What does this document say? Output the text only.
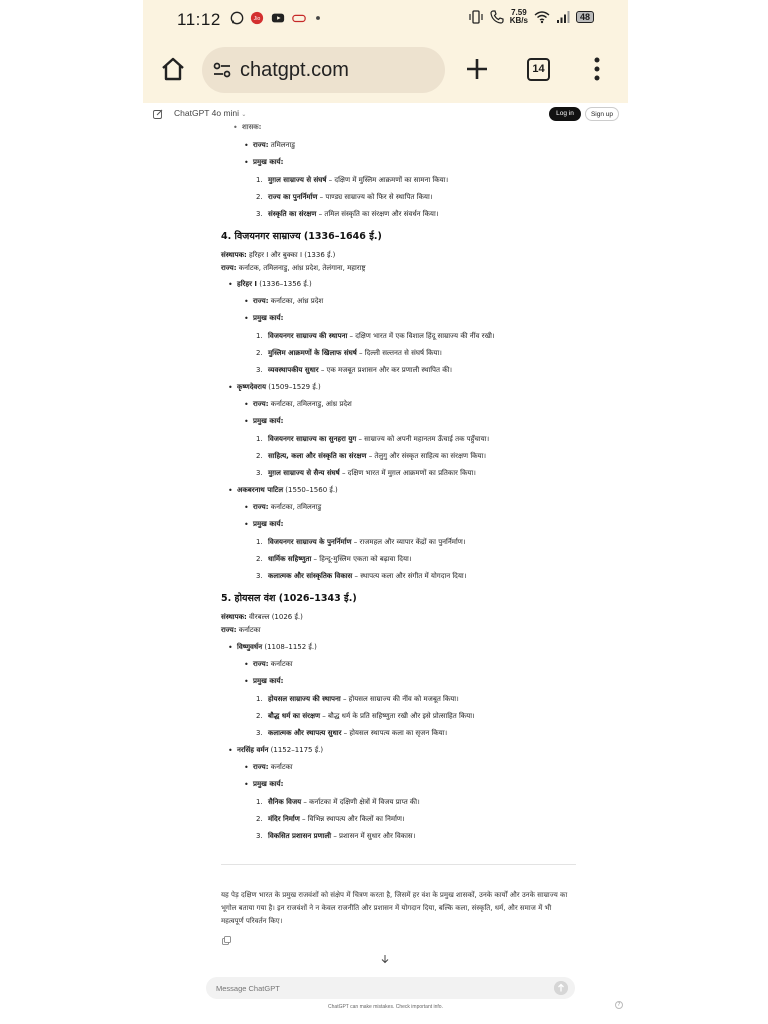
11:12	Jio
7.59
KB/s	48
chatgpt.com	14
ChatGPT 4o mini ⌄	Log in	Sign up
• शासक:
• राज्य: तमिलनाडु
• प्रमुख कार्य:
1. मुग़ल साम्राज्य से संघर्ष – दक्षिण में मुस्लिम आक्रमणों का सामना किया।
2. राज्य का पुनर्निर्माण – पाण्ड्य साम्राज्य को फिर से स्थापित किया।
3. संस्कृति का संरक्षण – तमिल संस्कृति का संरक्षण और संवर्धन किया।
4. विजयनगर साम्राज्य (1336–1646 ई.)
संस्थापक: हरिहर I और बुक्का I (1336 ई.)
राज्य: कर्नाटक, तमिलनाडु, आंध्र प्रदेश, तेलंगाना, महाराष्ट्र
• हरिहर I (1336–1356 ई.)
• राज्य: कर्नाटका, आंध्र प्रदेश
• प्रमुख कार्य:
1. विजयनगर साम्राज्य की स्थापना – दक्षिण भारत में एक विशाल हिंदू साम्राज्य की नींव रखी।
2. मुस्लिम आक्रमणों के खिलाफ संघर्ष – दिल्ली सल्तनत से संघर्ष किया।
3. व्यवस्थापकीय सुधार – एक मजबूत प्रशासन और कर प्रणाली स्थापित की।
• कृष्णदेवराय (1509–1529 ई.)
• राज्य: कर्नाटका, तमिलनाडु, आंध्र प्रदेश
• प्रमुख कार्य:
1. विजयनगर साम्राज्य का सुनहरा युग – साम्राज्य को अपनी महानतम ऊँचाई तक पहुँचाया।
2. साहित्य, कला और संस्कृति का संरक्षण – तेलुगु और संस्कृत साहित्य का संरक्षण किया।
3. मुग़ल साम्राज्य से सैन्य संघर्ष – दक्षिण भारत में मुग़ल आक्रमणों का प्रतिकार किया।
• अकबरनाथ पाटिल (1550–1560 ई.)
• राज्य: कर्नाटका, तमिलनाडु
• प्रमुख कार्य:
1. विजयनगर साम्राज्य के पुनर्निर्माण – राजमहल और व्यापार केंद्रों का पुनर्निर्माण।
2. धार्मिक सहिष्णुता – हिन्दू-मुस्लिम एकता को बढ़ावा दिया।
3. कलात्मक और सांस्कृतिक विकास – स्थापत्य कला और संगीत में योगदान दिया।
5. होयसल वंश (1026–1343 ई.)
संस्थापक: वीरबल्ल (1026 ई.)
राज्य: कर्नाटका
• विष्णुवर्धन (1108–1152 ई.)
• राज्य: कर्नाटका
• प्रमुख कार्य:
1. होयसल साम्राज्य की स्थापना – होयसल साम्राज्य की नींव को मजबूत किया।
2. बौद्ध धर्म का संरक्षण – बौद्ध धर्म के प्रति सहिष्णुता रखी और इसे प्रोत्साहित किया।
3. कलात्मक और स्थापत्य सुधार – होयसल स्थापत्य कला का सृजन किया।
• नरसिंह वर्मन (1152–1175 ई.)
• राज्य: कर्नाटका
• प्रमुख कार्य:
1. सैनिक विजय – कर्नाटका में दक्षिणी क्षेत्रों में विजय प्राप्त की।
2. मंदिर निर्माण – विभिन्न स्थापत्य और किलों का निर्माण।
3. विकसित प्रशासन प्रणाली – प्रशासन में सुधार और विकास।
यह पेड़ दक्षिण भारत के प्रमुख राजवंशों को संक्षेप में चित्रण करता है, जिसमें हर वंश के प्रमुख शासकों, उनके कार्यों और उनके साम्राज्य का भूगोल बताया गया है। इन राजवंशों ने न केवल राजनीति और प्रशासन में योगदान दिया, बल्कि कला, संस्कृति, धर्म, और समाज में भी महत्वपूर्ण परिवर्तन किए।
Message ChatGPT
ChatGPT can make mistakes. Check important info.	?
